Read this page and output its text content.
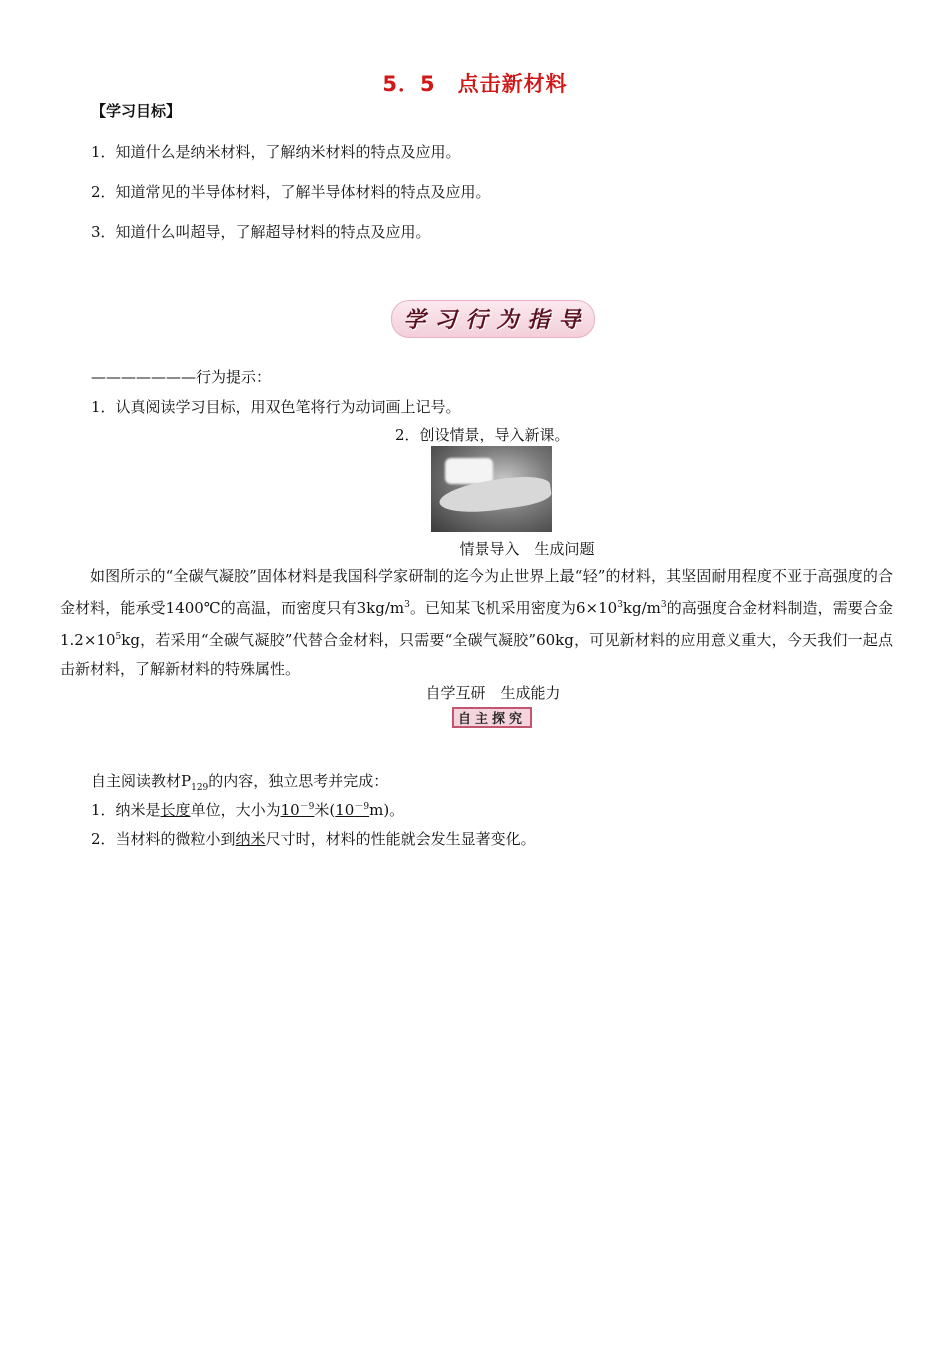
5．5　点击新材料
【学习目标】
1．知道什么是纳米材料，了解纳米材料的特点及应用。
2．知道常见的半导体材料，了解半导体材料的特点及应用。
3．知道什么叫超导，了解超导材料的特点及应用。
学习行为指导
———————行为提示：
1．认真阅读学习目标，用双色笔将行为动词画上记号。
2．创设情景，导入新课。
情景导入　生成问题
如图所示的“全碳气凝胶”固体材料是我国科学家研制的迄今为止世界上最“轻”的材料，其坚固耐用程度不亚于高强度的合金材料，能承受1400℃的高温，而密度只有$3kg/m^3$。已知某飞机采用密度为$6\times 10^3kg/m^3$的高强度合金材料制造，需要合金$1.2\times 10^5kg$，若采用“全碳气凝胶”代替合金材料，只需要“全碳气凝胶”60kg，可见新材料的应用意义重大，今天我们一起点击新材料，了解新材料的特殊属性。
自学互研　生成能力
自主探究
自主阅读教材$P_{129}$的内容，独立思考并完成：
1．纳米是长度单位，大小为$10^{-9}$米$(10^{-9}m)$。
2．当材料的微粒小到纳米尺寸时，材料的性能就会发生显著变化。
